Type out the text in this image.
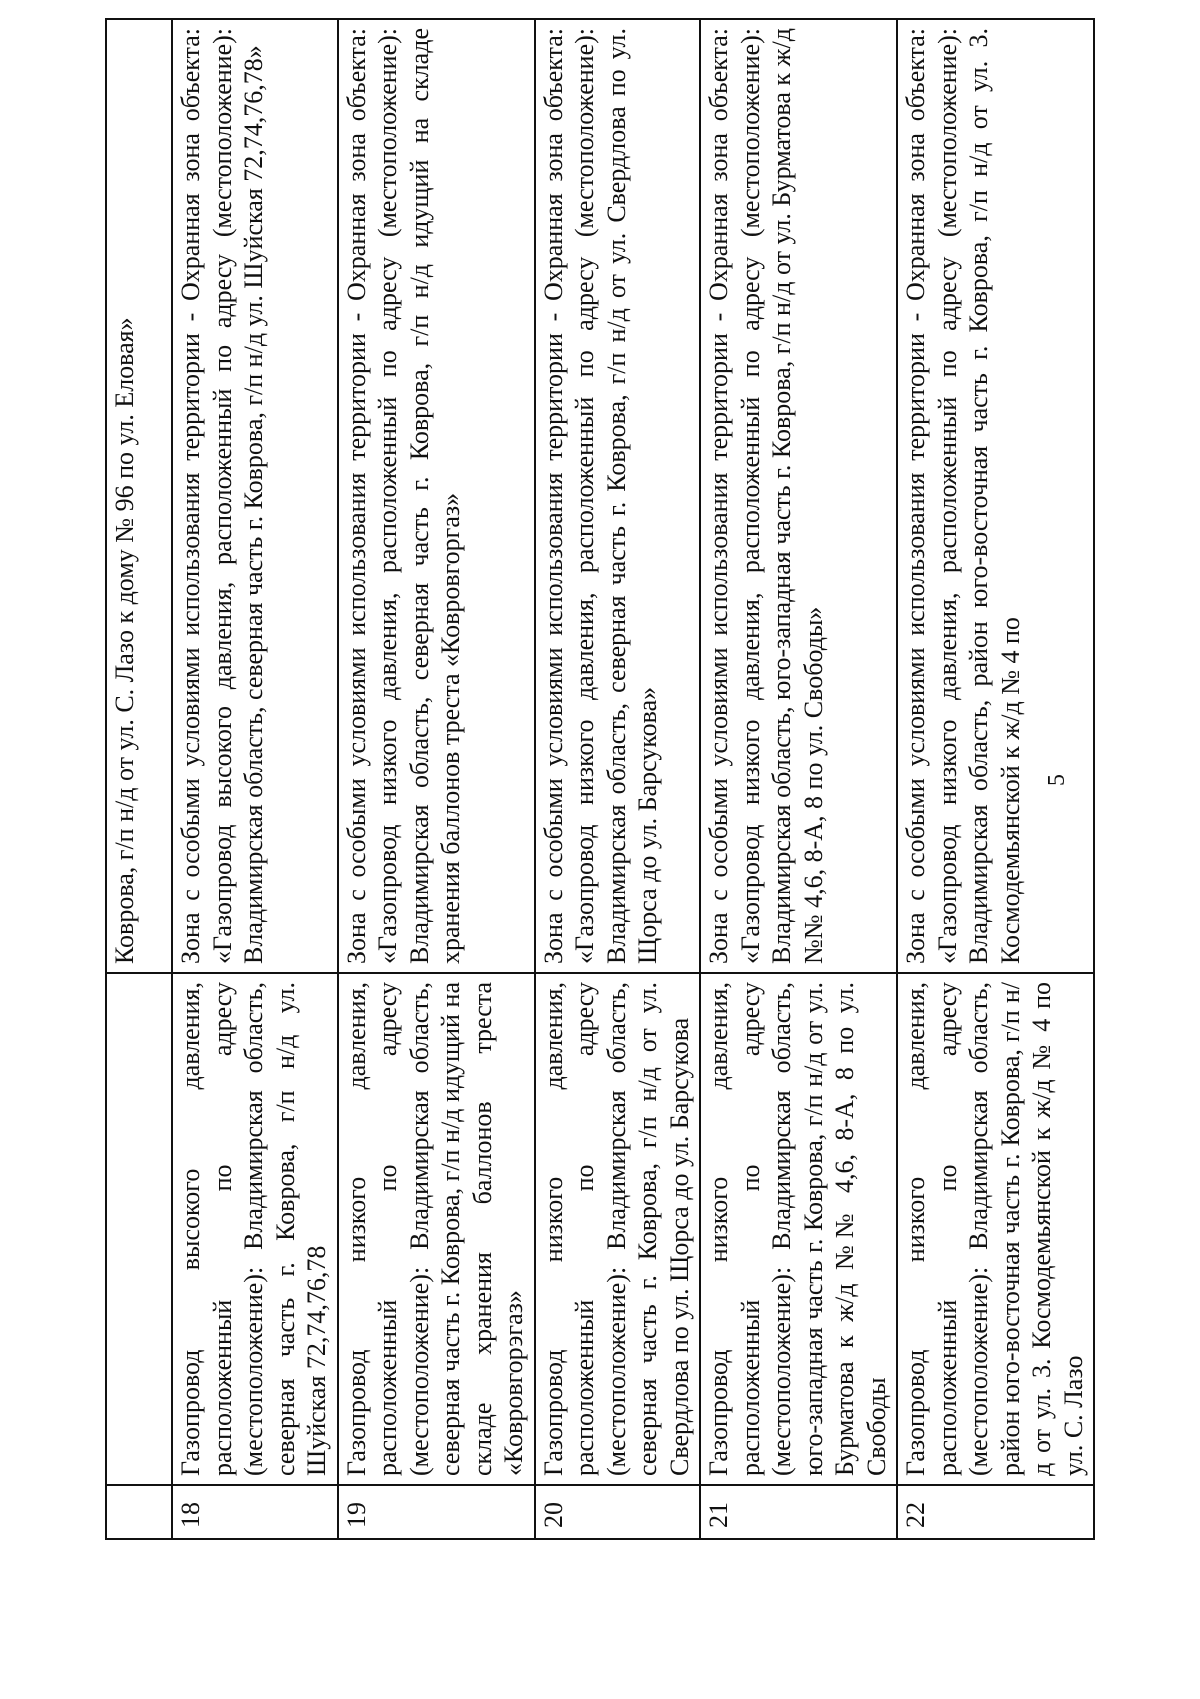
		Коврова, г/п н/д от ул. С. Лазо к дому № 96 по ул. Еловая»
18	Газопровод высокого давления, расположенный по адресу (местоположение): Владимирская область, северная часть г. Коврова, г/п н/д ул. Шуйская 72,74,76,78	Зона с особыми условиями использования территории - Охранная зона объекта: «Газопровод высокого давления, расположенный по адресу (местоположение): Владимирская область, северная часть г. Коврова, г/п н/д ул. Шуйская 72,74,76,78»
19	Газопровод низкого давления, расположенный по адресу (местоположение): Владимирская область, северная часть г. Коврова, г/п н/д идущий на складе хранения баллонов треста «Ковровгорэгаз»	Зона с особыми условиями использования территории - Охранная зона объекта: «Газопровод низкого давления, расположенный по адресу (местоположение): Владимирская область, северная часть г. Коврова, г/п н/д идущий на складе хранения баллонов треста «Ковровгоргаз»
20	Газопровод низкого давления, расположенный по адресу (местоположение): Владимирская область, северная часть г. Коврова, г/п н/д от ул. Свердлова по ул. Щорса до ул. Барсукова	Зона с особыми условиями использования территории - Охранная зона объекта: «Газопровод низкого давления, расположенный по адресу (местоположение): Владимирская область, северная часть г. Коврова, г/п н/д от ул. Свердлова по ул. Щорса до ул. Барсукова»
21	Газопровод низкого давления, расположенный по адресу (местоположение): Владимирская область, юго-западная часть г. Коврова, г/п н/д от ул. Бурматова к ж/д №№ 4,6, 8-А, 8 по ул. Свободы	Зона с особыми условиями использования территории - Охранная зона объекта: «Газопровод низкого давления, расположенный по адресу (местоположение): Владимирская область, юго-западная часть г. Коврова, г/п н/д от ул. Бурматова к ж/д №№ 4,6, 8-А, 8 по ул. Свободы»
22	Газопровод низкого давления, расположенный по адресу (местоположение): Владимирская область, район юго-восточная часть г. Коврова, г/п н/д от ул. 3. Космодемьянской к ж/д № 4 по ул. С. Лазо	Зона с особыми условиями использования территории - Охранная зона объекта: «Газопровод низкого давления, расположенный по адресу (местоположение): Владимирская область, район юго-восточная часть г. Коврова, г/п н/д от ул. 3. Космодемьянской к ж/д № 4 по 5
